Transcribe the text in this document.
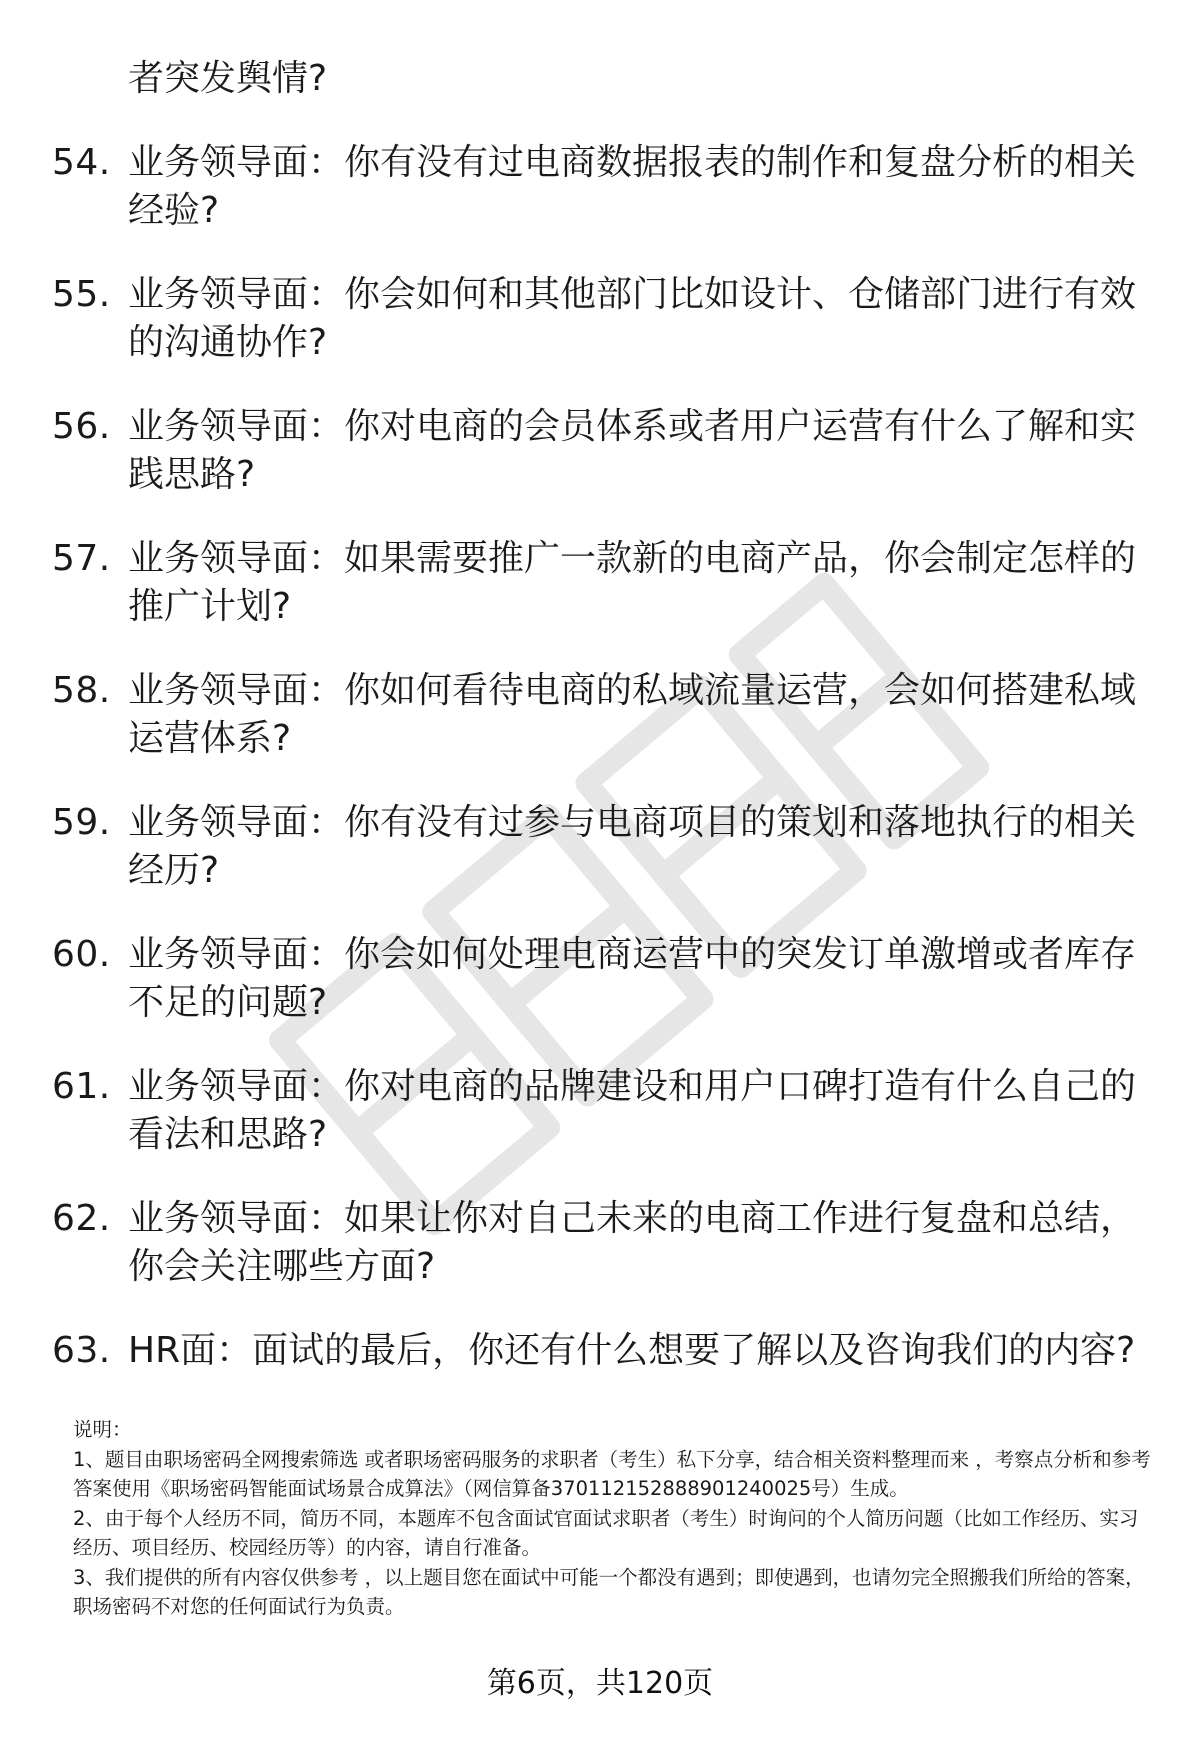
者突发舆情?
54. 业务领导面：你有没有过电商数据报表的制作和复盘分析的相关经验?
55. 业务领导面：你会如何和其他部门比如设计、仓储部门进行有效的沟通协作?
56. 业务领导面：你对电商的会员体系或者用户运营有什么了解和实践思路?
57. 业务领导面：如果需要推广一款新的电商产品，你会制定怎样的推广计划?
58. 业务领导面：你如何看待电商的私域流量运营，会如何搭建私域运营体系?
59. 业务领导面：你有没有过参与电商项目的策划和落地执行的相关经历?
60. 业务领导面：你会如何处理电商运营中的突发订单激增或者库存不足的问题?
61. 业务领导面：你对电商的品牌建设和用户口碑打造有什么自己的看法和思路?
62. 业务领导面：如果让你对自己未来的电商工作进行复盘和总结，你会关注哪些方面?
63. HR面：面试的最后，你还有什么想要了解以及咨询我们的内容?

说明：

1、题目由职场密码全网搜索筛选 或者职场密码服务的求职者（考生）私下分享，结合相关资料整理而来 ，考察点分析和参考答案使用《职场密码智能面试场景合成算法》（网信算备370112152888901240025号）生成。

2、由于每个人经历不同，简历不同，本题库不包含面试官面试求职者（考生）时询问的个人简历问题（比如工作经历、实习经历、项目经历、校园经历等）的内容，请自行准备。

3、我们提供的所有内容仅供参考 ，以上题目您在面试中可能一个都没有遇到；即使遇到，也请勿完全照搬我们所给的答案，职场密码不对您的任何面试行为负责。

第6页，共120页
